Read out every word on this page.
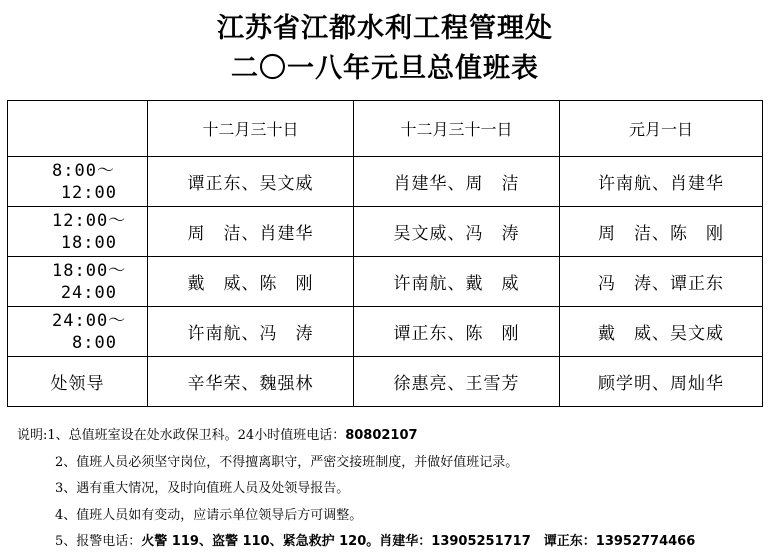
江苏省江都水利工程管理处
二〇一八年元旦总值班表
	十二月三十日	十二月三十一日	元月一日

8:00～
12:00	谭正东、吴文威	肖建华、周　洁	许南航、肖建华

12:00～
18:00	周　洁、肖建华	吴文威、冯　涛	周　洁、陈　刚

18:00～
24:00	戴　威、陈　刚	许南航、戴　威	冯　涛、谭正东

24:00～
8:00	许南航、冯　涛	谭正东、陈　刚	戴　威、吴文威
处领导	辛华荣、魏强林	徐惠亮、王雪芳	顾学明、周灿华
说明:1、总值班室设在处水政保卫科。24小时值班电话：80802107
2、值班人员必须坚守岗位，不得擅离职守，严密交接班制度，并做好值班记录。
3、遇有重大情况，及时向值班人员及处领导报告。
4、值班人员如有变动，应请示单位领导后方可调整。
5、报警电话：火警 119、盗警 110、紧急救护 120。肖建华：13905251717　谭正东：13952774466
